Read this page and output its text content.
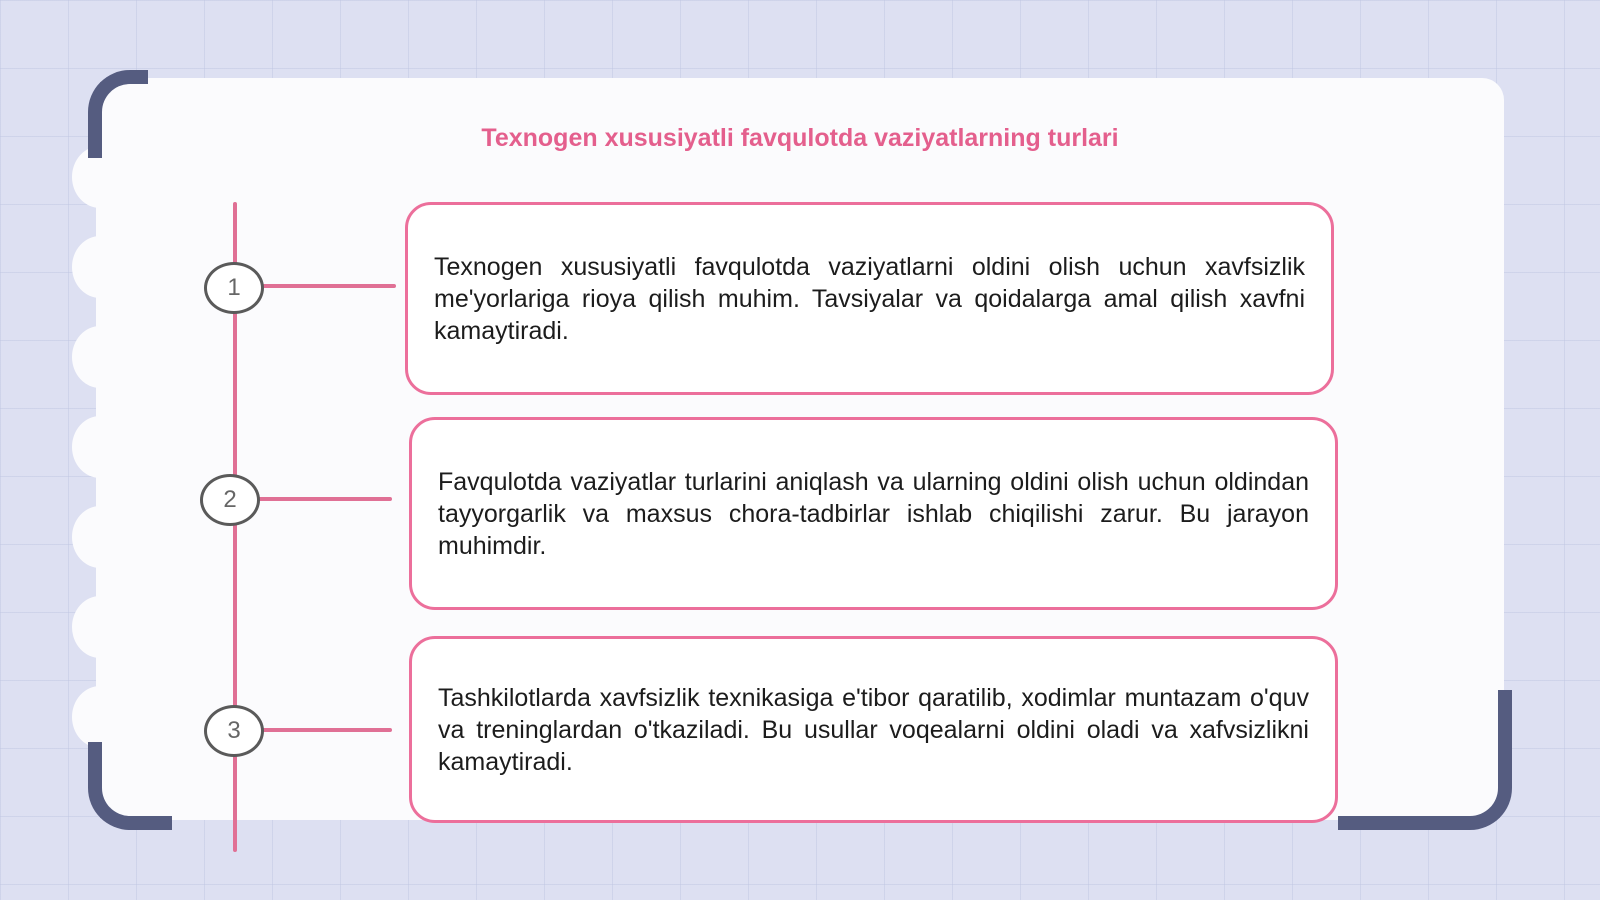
Texnogen xususiyatli favqulotda vaziyatlarning turlari
1
2
3

Texnogen xususiyatli favqulotda vaziyatlarni oldini olish uchun xavfsizlik me'yorlariga rioya qilish muhim. Tavsiyalar va qoidalarga amal qilish xavfni kamaytiradi.

Favqulotda vaziyatlar turlarini aniqlash va ularning oldini olish uchun oldindan tayyorgarlik va maxsus chora-tadbirlar ishlab chiqilishi zarur. Bu jarayon muhimdir.

Tashkilotlarda xavfsizlik texnikasiga e'tibor qaratilib, xodimlar muntazam o'quv va treninglardan o'tkaziladi. Bu usullar voqealarni oldini oladi va xafvsizlikni kamaytiradi.
